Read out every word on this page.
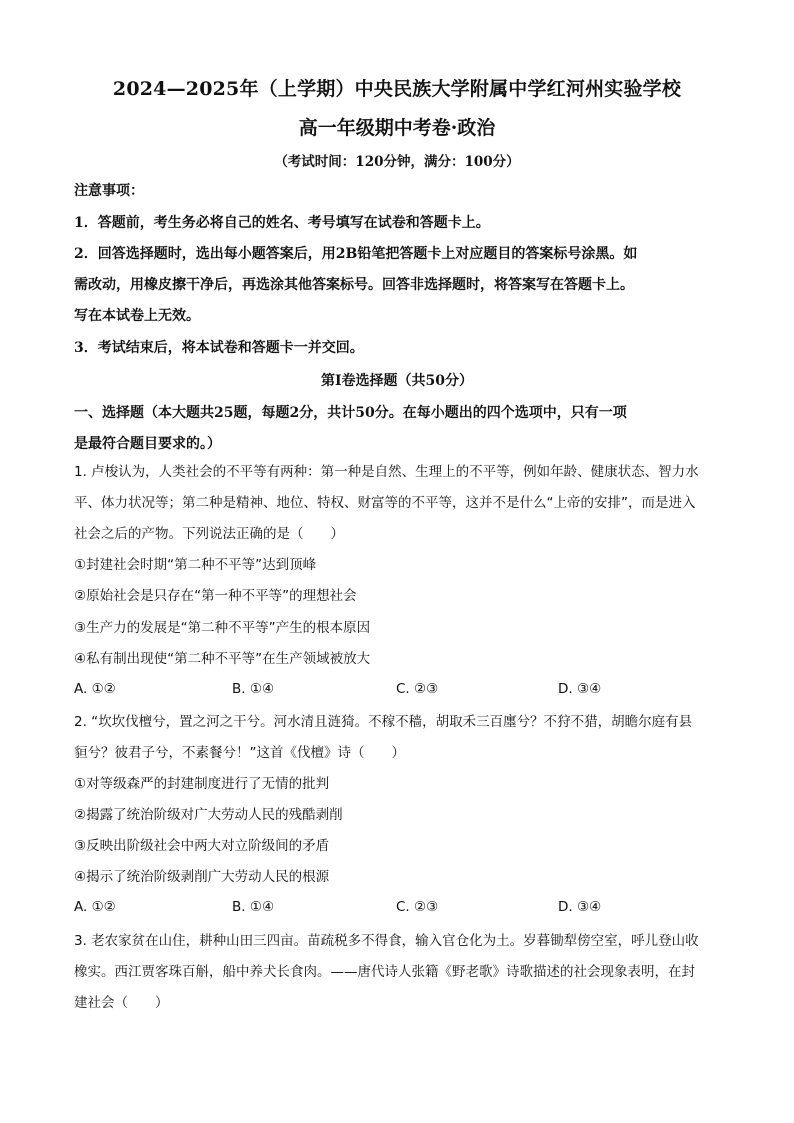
2024—2025年（上学期）中央民族大学附属中学红河州实验学校
高一年级期中考卷·政治
（考试时间：120分钟，满分：100分）
注意事项：
1．答题前，考生务必将自己的姓名、考号填写在试卷和答题卡上。
2．回答选择题时，选出每小题答案后，用2B铅笔把答题卡上对应题目的答案标号涂黑。如
需改动，用橡皮擦干净后，再选涂其他答案标号。回答非选择题时，将答案写在答题卡上。
写在本试卷上无效。
3．考试结束后，将本试卷和答题卡一并交回。
第Ⅰ卷选择题（共50分）
一、选择题（本大题共25题，每题2分，共计50分。在每小题出的四个选项中，只有一项
是最符合题目要求的。）
1. 卢梭认为，人类社会的不平等有两种：第一种是自然、生理上的不平等，例如年龄、健康状态、智力水
平、体力状况等；第二种是精神、地位、特权、财富等的不平等，这并不是什么“上帝的安排”，而是进入
社会之后的产物。下列说法正确的是（　　）
①封建社会时期“第二种不平等”达到顶峰
②原始社会是只存在“第一种不平等”的理想社会
③生产力的发展是“第二种不平等”产生的根本原因
④私有制出现使“第二种不平等”在生产领域被放大
A. ①②	B. ①④	C. ②③	D. ③④
2. “坎坎伐檀兮，置之河之干兮。河水清且涟猗。不稼不穑，胡取禾三百廛兮？不狩不猎，胡瞻尔庭有县
貆兮？彼君子兮，不素餐兮！”这首《伐檀》诗（　　）
①对等级森严的封建制度进行了无情的批判
②揭露了统治阶级对广大劳动人民的残酷剥削
③反映出阶级社会中两大对立阶级间的矛盾
④揭示了统治阶级剥削广大劳动人民的根源
A. ①②	B. ①④	C. ②③	D. ③④
3. 老农家贫在山住，耕种山田三四亩。苗疏税多不得食，输入官仓化为土。岁暮锄犁傍空室，呼儿登山收
橡实。西江贾客珠百斛，船中养犬长食肉。——唐代诗人张籍《野老歌》诗歌描述的社会现象表明，在封
建社会（　　）
